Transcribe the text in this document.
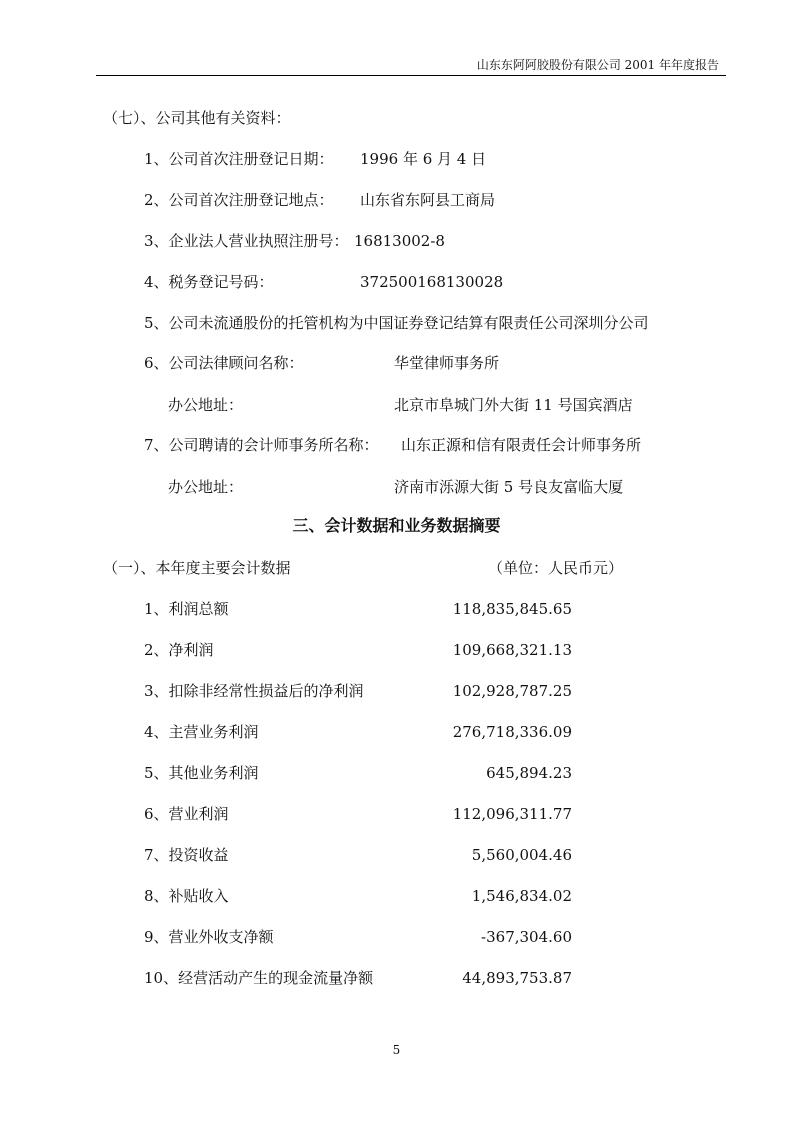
山东东阿阿胶股份有限公司 2001 年年度报告
（七）、公司其他有关资料：
1、公司首次注册登记日期： 1996 年 6 月 4 日
2、公司首次注册登记地点： 山东省东阿县工商局
3、企业法人营业执照注册号： 16813002-8
4、税务登记号码：	372500168130028
5、公司未流通股份的托管机构为中国证券登记结算有限责任公司深圳分公司
6、公司法律顾问名称：	华堂律师事务所
办公地址：	北京市阜城门外大街 11 号国宾酒店
7、公司聘请的会计师事务所名称： 山东正源和信有限责任会计师事务所
办公地址：	济南市泺源大街 5 号良友富临大厦
三、会计数据和业务数据摘要
（一）、本年度主要会计数据	（单位：人民币元）
1、利润总额	118,835,845.65
2、净利润	109,668,321.13
3、扣除非经常性损益后的净利润	102,928,787.25
4、主营业务利润	276,718,336.09
5、其他业务利润	645,894.23
6、营业利润	112,096,311.77
7、投资收益	5,560,004.46
8、补贴收入	1,546,834.02
9、营业外收支净额	-367,304.60
10、经营活动产生的现金流量净额	44,893,753.87
5
